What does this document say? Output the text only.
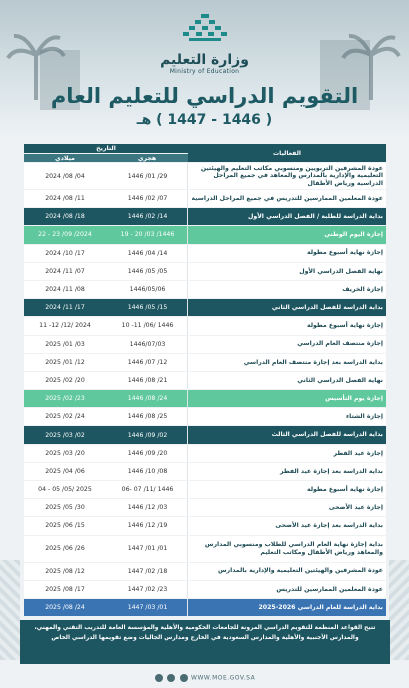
وزارة التعليم
Ministry of Education
التقويم الدراسي للتعليم العام
( 1446 - 1447 ) هـ
الفعاليات	التاريخ	
	هجري	ميلادي
عودة المشرفين التربويين ومنسوبي مكاتب التعليم والهيئتين التعليمية والإدارية بالمدارس والمعاهد في جميع المراحل الدراسية ورياض الأطفال	1446 /01 /29	2024 /08 /04
عودة المعلمين الممارسين للتدريس في جميع المراحل الدراسية	1446 /02 /07	2024 /08 /11
بداية الدراسة للطلبة / الفصل الدراسي الأول	1446 /02 /14	2024 /08 /18
إجازة اليوم الوطني	19 - 20 /03 /1446	22 - 23 /09 /2024
إجازة نهاية أسبوع مطولة	1446 /04 /14	2024 /10 /17
نهاية الفصل الدراسي الأول	1446 /05 /05	2024 /11 /07
إجازة الخريف	1446/05/06	2024 /11 /08
بداية الدراسة للفصل الدراسي الثاني	1446 /05 /15	2024 /11 /17
إجازة نهاية أسبوع مطولة	10 -11 /06/ 1446	11 -12 /12/ 2024
إجازة منتصف العام الدراسي	1446/07/03	2025 /01 /03
بداية الدراسة بعد إجازة منتصف العام الدراسي	1446 /07 /12	2025 /01 /12
نهاية الفصل الدراسي الثاني	1446 /08 /21	2025 /02 /20
إجازة يوم التأسيس	1446 /08 /24	2025 /02 /23
إجازة الشتاء	1446 /08 /25	2025 /02 /24
بداية الدراسة للفصل الدراسي الثالث	1446 /09 /02	2025 /03 /02
إجازة عيد الفطر	1446 /09 /20	2025 /03 /20
بداية الدراسة بعد إجازة عيد الفطر	1446 /10 /08	2025 /04 /06
إجازة نهاية أسبوع مطولة	06- 07 /11/ 1446	04 - 05 /05/ 2025
إجازة عيد الأضحى	1446 /12 /03	2025 /05 /30
بداية الدراسة بعد إجازة عيد الأضحى	1446 /12 /19	2025 /06 /15
بداية إجازة نهاية العام الدراسي للطلاب ومنسوبي المدارس والمعاهد ورياض الأطفال ومكاتب التعليم	1447 /01 /01	2025 /06 /26
عودة المشرفين والهيئتين التعليمية والإدارية بالمدارس	1447 /02 /18	2025 /08 /12
عودة المعلمين الممارسين للتدريس	1447 /02 /23	2025 /08 /17
بداية الدراسة للعام الدراسي 2026-2025	1447 /03 /01	2025 /08 /24
تتيح القواعد المنظمة للتقويم الدراسي المرونة للجامعات الحكومية والأهلية والمؤسسة العامة للتدريب التقني والمهني، والمدارس الأجنبية والأهلية والمدارس السعودية في الخارج ومدارس الجاليات وضع تقويمها الدراسي الخاص
WWW.MOE.GOV.SA
